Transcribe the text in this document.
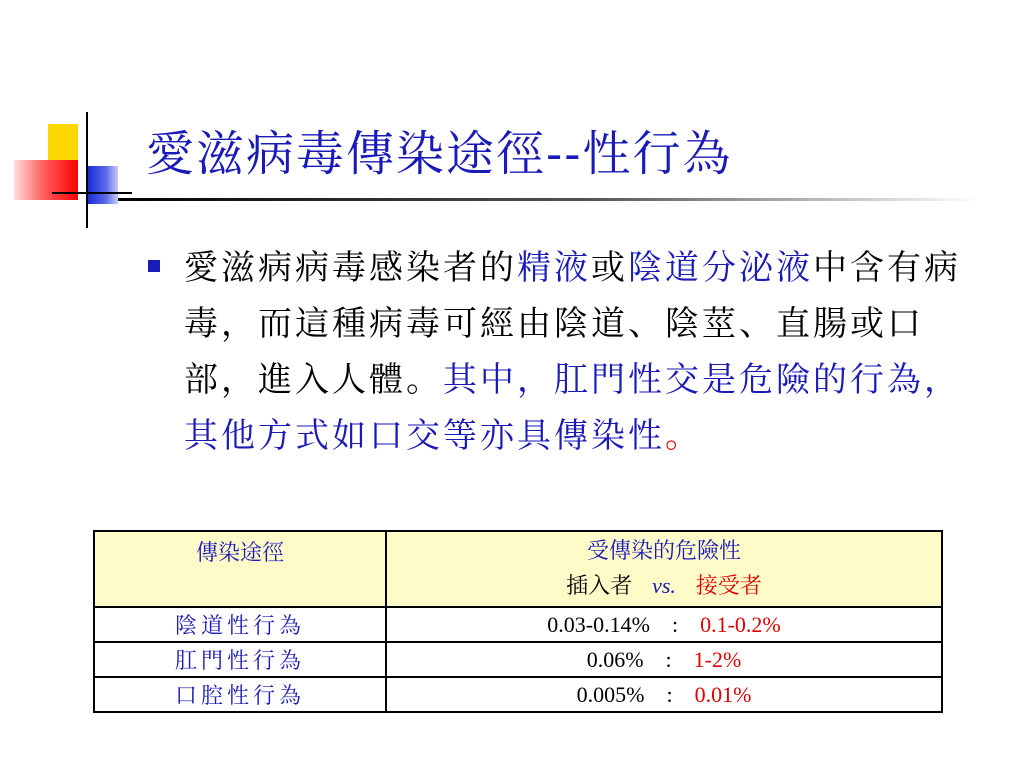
愛滋病毒傳染途徑--性行為
愛滋病病毒感染者的精液或陰道分泌液中含有病毒，而這種病毒可經由陰道、陰莖、直腸或口部，進入人體。其中，肛門性交是危險的行為，其他方式如口交等亦具傳染性。
傳染途徑	受傳染的危險性
插入者 vs. 接受者

陰道性行為	0.03-0.14% : 0.1-0.2%
肛門性行為	0.06% : 1-2%
口腔性行為	0.005% : 0.01%
